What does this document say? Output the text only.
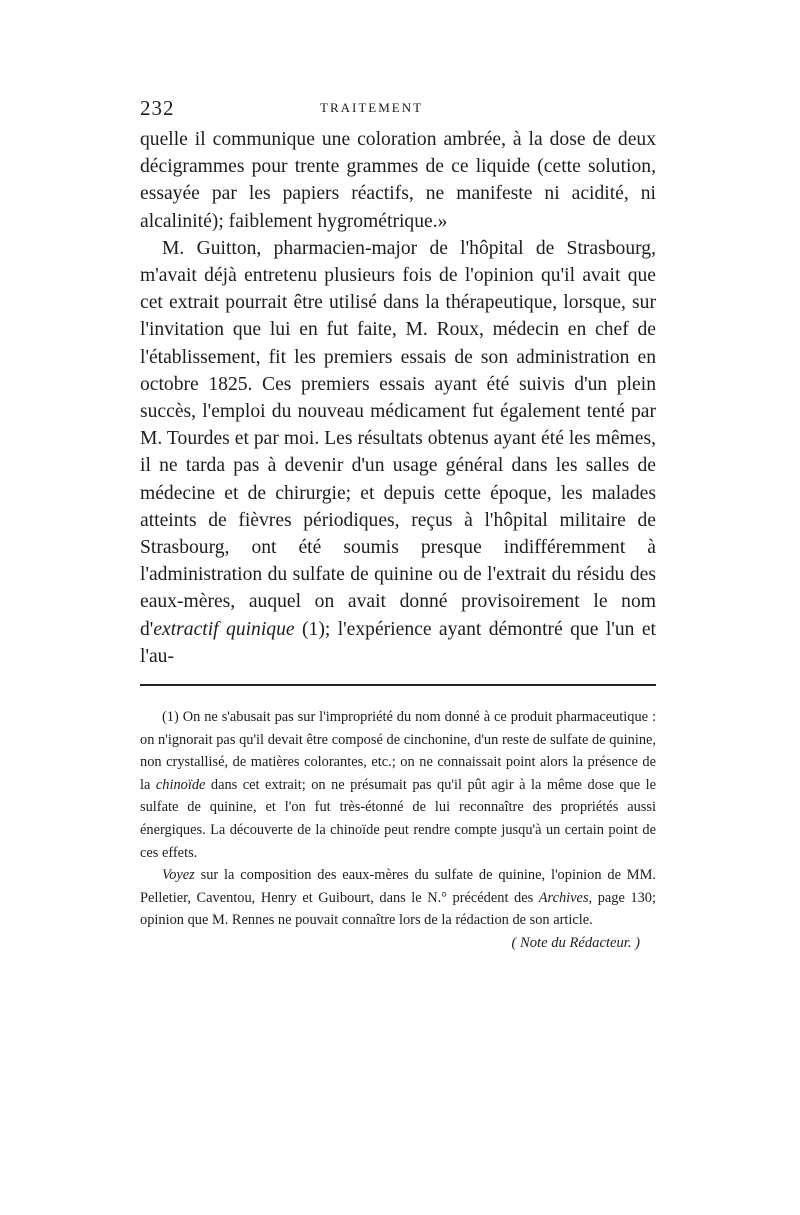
232	TRAITEMENT

quelle il communique une coloration ambrée, à la dose de deux décigrammes pour trente grammes de ce liquide (cette solution, essayée par les papiers réactifs, ne manifeste ni acidité, ni alcalinité); faiblement hygrométrique.»

M. Guitton, pharmacien-major de l'hôpital de Strasbourg, m'avait déjà entretenu plusieurs fois de l'opinion qu'il avait que cet extrait pourrait être utilisé dans la thérapeutique, lorsque, sur l'invitation que lui en fut faite, M. Roux, médecin en chef de l'établissement, fit les premiers essais de son administration en octobre 1825. Ces premiers essais ayant été suivis d'un plein succès, l'emploi du nouveau médicament fut également tenté par M. Tourdes et par moi. Les résultats obtenus ayant été les mêmes, il ne tarda pas à devenir d'un usage général dans les salles de médecine et de chirurgie; et depuis cette époque, les malades atteints de fièvres périodiques, reçus à l'hôpital militaire de Strasbourg, ont été soumis presque indifféremment à l'administration du sulfate de quinine ou de l'extrait du résidu des eaux-mères, auquel on avait donné provisoirement le nom d'extractif quinique (1); l'expérience ayant démontré que l'un et l'au-

(1) On ne s'abusait pas sur l'impropriété du nom donné à ce produit pharmaceutique : on n'ignorait pas qu'il devait être composé de cinchonine, d'un reste de sulfate de quinine, non crystallisé, de matières colorantes, etc.; on ne connaissait point alors la présence de la chinoïde dans cet extrait; on ne présumait pas qu'il pût agir à la même dose que le sulfate de quinine, et l'on fut très-étonné de lui reconnaître des propriétés aussi énergiques. La découverte de la chinoïde peut rendre compte jusqu'à un certain point de ces effets.

Voyez sur la composition des eaux-mères du sulfate de quinine, l'opinion de MM. Pelletier, Caventou, Henry et Guibourt, dans le N.° précédent des Archives, page 130; opinion que M. Rennes ne pouvait connaître lors de la rédaction de son article.

( Note du Rédacteur. )
